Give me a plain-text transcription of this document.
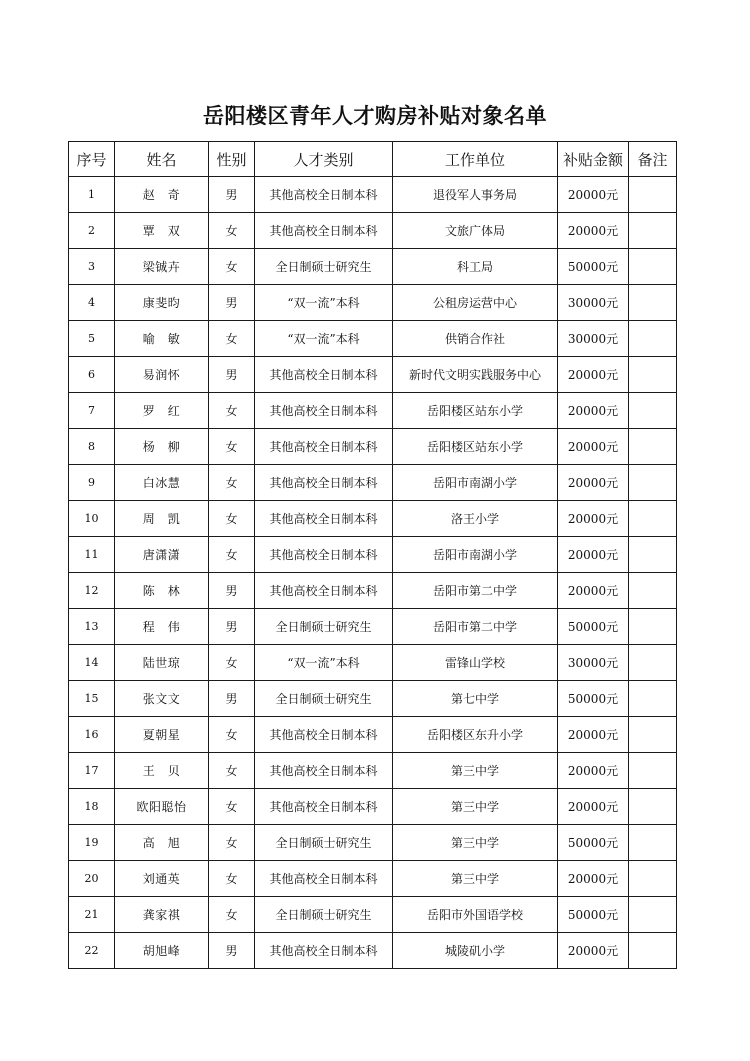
岳阳楼区青年人才购房补贴对象名单
序号	姓名	性别	人才类别	工作单位	补贴金额	备注
1	赵　奇	男	其他高校全日制本科	退役军人事务局	20000元	
2	覃　双	女	其他高校全日制本科	文旅广体局	20000元	
3	梁铖卉	女	全日制硕士研究生	科工局	50000元	
4	康斐昀	男	“双一流”本科	公租房运营中心	30000元	
5	喻　敏	女	“双一流”本科	供销合作社	30000元	
6	易润怀	男	其他高校全日制本科	新时代文明实践服务中心	20000元	
7	罗　红	女	其他高校全日制本科	岳阳楼区站东小学	20000元	
8	杨　柳	女	其他高校全日制本科	岳阳楼区站东小学	20000元	
9	白冰慧	女	其他高校全日制本科	岳阳市南湖小学	20000元	
10	周　凯	女	其他高校全日制本科	洛王小学	20000元	
11	唐潇潇	女	其他高校全日制本科	岳阳市南湖小学	20000元	
12	陈　林	男	其他高校全日制本科	岳阳市第二中学	20000元	
13	程　伟	男	全日制硕士研究生	岳阳市第二中学	50000元	
14	陆世琼	女	“双一流”本科	雷锋山学校	30000元	
15	张文文	男	全日制硕士研究生	第七中学	50000元	
16	夏朝星	女	其他高校全日制本科	岳阳楼区东升小学	20000元	
17	王　贝	女	其他高校全日制本科	第三中学	20000元	
18	欧阳聪怡	女	其他高校全日制本科	第三中学	20000元	
19	高　旭	女	全日制硕士研究生	第三中学	50000元	
20	刘通英	女	其他高校全日制本科	第三中学	20000元	
21	龚家祺	女	全日制硕士研究生	岳阳市外国语学校	50000元	
22	胡旭峰	男	其他高校全日制本科	城陵矶小学	20000元	
